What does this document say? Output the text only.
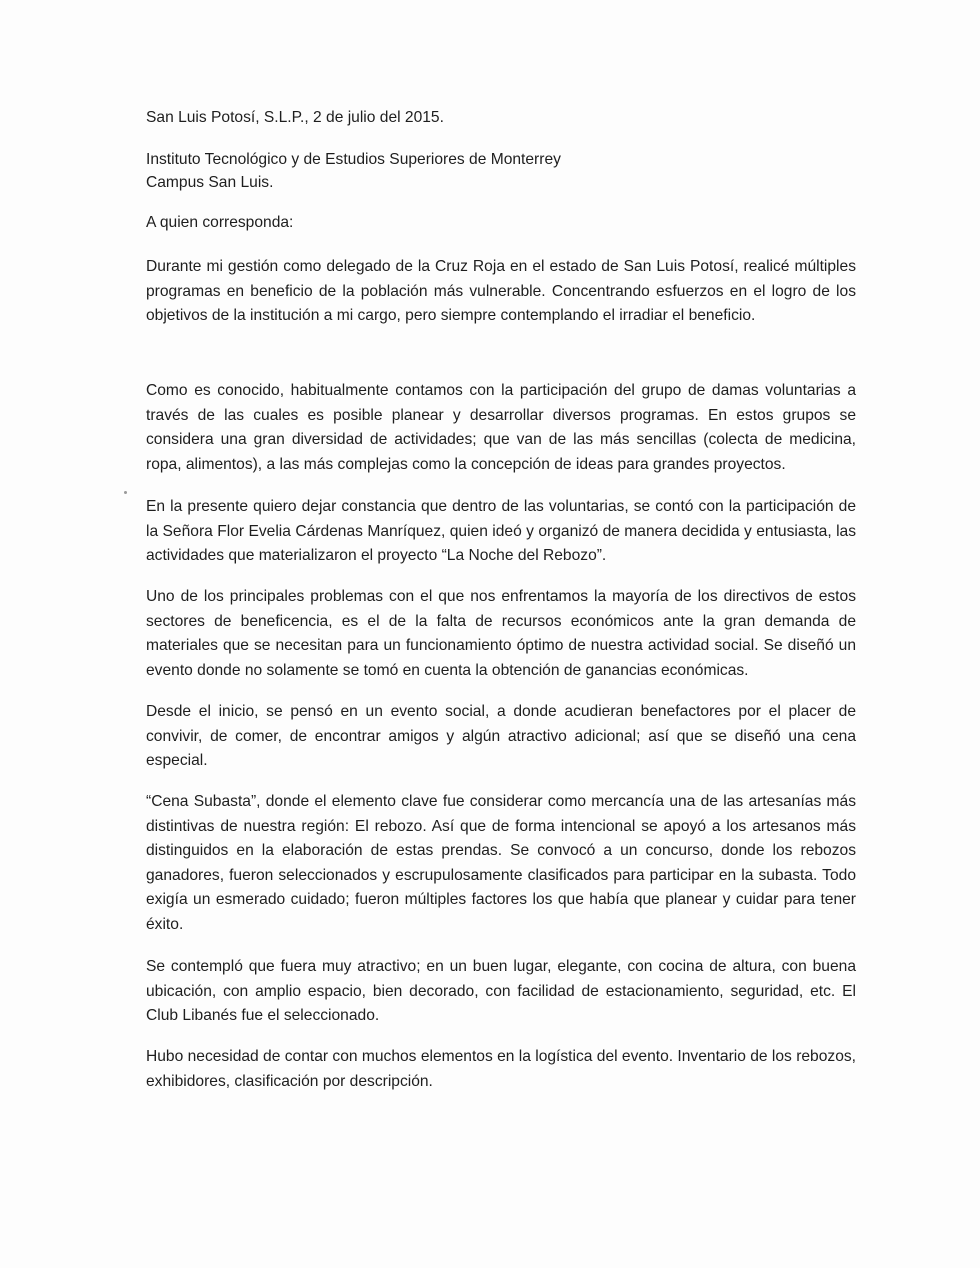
San Luis Potosí, S.L.P., 2 de julio del 2015.

Instituto Tecnológico y de Estudios Superiores de Monterrey

Campus San Luis.

A quien corresponda:

Durante mi gestión como delegado de la Cruz Roja en el estado de San Luis Potosí, realicé múltiples programas en beneficio de la población más vulnerable. Concentrando esfuerzos en el logro de los objetivos de la institución a mi cargo, pero siempre contemplando el irradiar el beneficio.

Como es conocido, habitualmente contamos con la participación del grupo de damas voluntarias a través de las cuales es posible planear y desarrollar diversos programas. En estos grupos se considera una gran diversidad de actividades; que van de las más sencillas (colecta de medicina, ropa, alimentos), a las más complejas como la concepción de ideas para grandes proyectos.

En la presente quiero dejar constancia que dentro de las voluntarias, se contó con la participación de la Señora Flor Evelia Cárdenas Manríquez, quien ideó y organizó de manera decidida y entusiasta, las actividades que materializaron el proyecto “La Noche del Rebozo”.

Uno de los principales problemas con el que nos enfrentamos la mayoría de los directivos de estos sectores de beneficencia, es el de la falta de recursos económicos ante la gran demanda de materiales que se necesitan para un funcionamiento óptimo de nuestra actividad social. Se diseñó un evento donde no solamente se tomó en cuenta la obtención de ganancias económicas.

Desde el inicio, se pensó en un evento social, a donde acudieran benefactores por el placer de convivir, de comer, de encontrar amigos y algún atractivo adicional; así que se diseñó una cena especial.

“Cena Subasta”, donde el elemento clave fue considerar como mercancía una de las artesanías más distintivas de nuestra región: El rebozo. Así que de forma intencional se apoyó a los artesanos más distinguidos en la elaboración de estas prendas. Se convocó a un concurso, donde los rebozos ganadores, fueron seleccionados y escrupulosamente clasificados para participar en la subasta. Todo exigía un esmerado cuidado; fueron múltiples factores los que había que planear y cuidar para tener éxito.

Se contempló que fuera muy atractivo; en un buen lugar, elegante, con cocina de altura, con buena ubicación, con amplio espacio, bien decorado, con facilidad de estacionamiento, seguridad, etc. El Club Libanés fue el seleccionado.

Hubo necesidad de contar con muchos elementos en la logística del evento. Inventario de los rebozos, exhibidores, clasificación por descripción.
